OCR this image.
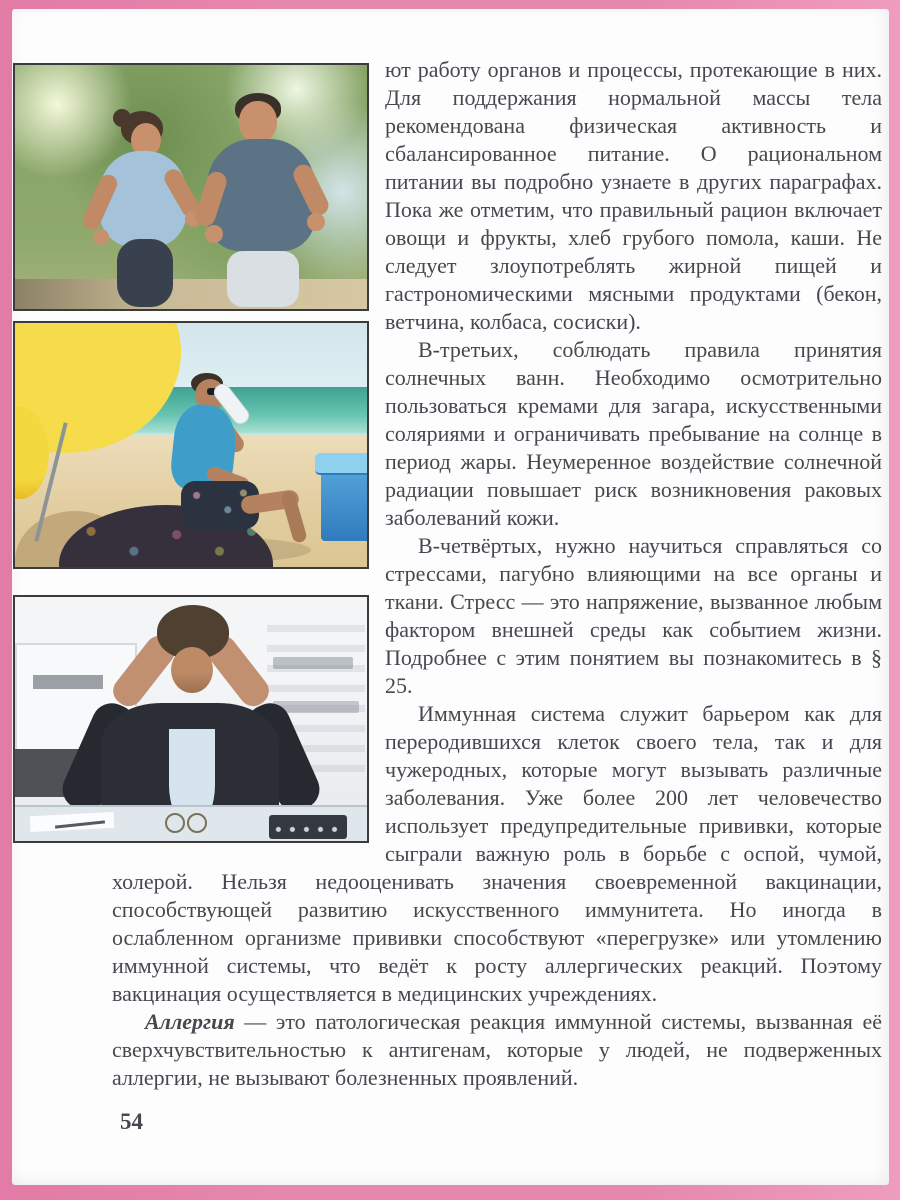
ют работу органов и процессы, протекающие в них. Для поддержания нормальной массы тела рекомендована физическая активность и сбалансированное питание. О рациональном питании вы подробно узнаете в других параграфах. Пока же отметим, что правильный рацион включает овощи и фрукты, хлеб грубого помола, каши. Не следует злоупотреблять жирной пищей и гастрономическими мясными продуктами (бекон, ветчина, колбаса, сосиски).

В-третьих, соблюдать правила принятия солнечных ванн. Необходимо осмотрительно пользоваться кремами для загара, искусственными соляриями и ограничивать пребывание на солнце в период жары. Неумеренное воздействие солнечной радиации повышает риск возникновения раковых заболеваний кожи.

В-четвёртых, нужно научиться справляться со стрессами, пагубно влияющими на все органы и ткани. Стресс — это напряжение, вызванное любым фактором внешней среды как событием жизни. Подробнее с этим понятием вы познакомитесь в § 25.

Иммунная система служит барьером как для переродившихся клеток своего тела, так и для чужеродных, которые могут вызывать различные заболевания. Уже более 200 лет человечество использует предупредительные прививки, которые сыграли важную роль в борьбе с оспой, чумой, холерой. Нельзя недооценивать значения своевременной вакцинации, способствующей развитию искусственного иммунитета. Но иногда в ослабленном организме прививки способствуют «перегрузке» или утомлению иммунной системы, что ведёт к росту аллергических реакций. Поэтому вакцинация осуществляется в медицинских учреждениях.

Аллергия — это патологическая реакция иммунной системы, вызванная её сверхчувствительностью к антигенам, которые у людей, не подверженных аллергии, не вызывают болезненных проявлений.

54
